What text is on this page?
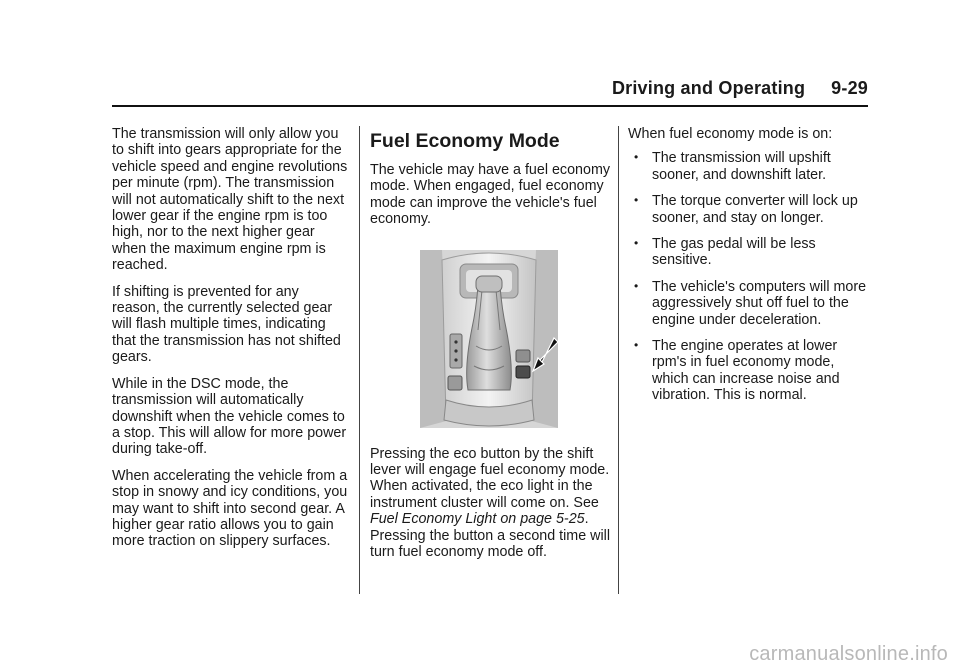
Driving and Operating 9-29

The transmission will only allow you to shift into gears appropriate for the vehicle speed and engine revolutions per minute (rpm). The transmission will not automatically shift to the next lower gear if the engine rpm is too high, nor to the next higher gear when the maximum engine rpm is reached.

If shifting is prevented for any reason, the currently selected gear will flash multiple times, indicating that the transmission has not shifted gears.

While in the DSC mode, the transmission will automatically downshift when the vehicle comes to a stop. This will allow for more power during take-off.

When accelerating the vehicle from a stop in snowy and icy conditions, you may want to shift into second gear. A higher gear ratio allows you to gain more traction on slippery surfaces.

Fuel Economy Mode

The vehicle may have a fuel economy mode. When engaged, fuel economy mode can improve the vehicle's fuel economy.

Pressing the eco button by the shift lever will engage fuel economy mode. When activated, the eco light in the instrument cluster will come on. See Fuel Economy Light on page 5-25. Pressing the button a second time will turn fuel economy mode off.

When fuel economy mode is on:

• The transmission will upshift sooner, and downshift later.
• The torque converter will lock up sooner, and stay on longer.
• The gas pedal will be less sensitive.
• The vehicle's computers will more aggressively shut off fuel to the engine under deceleration.
• The engine operates at lower rpm's in fuel economy mode, which can increase noise and vibration. This is normal.
carmanualsonline.info
